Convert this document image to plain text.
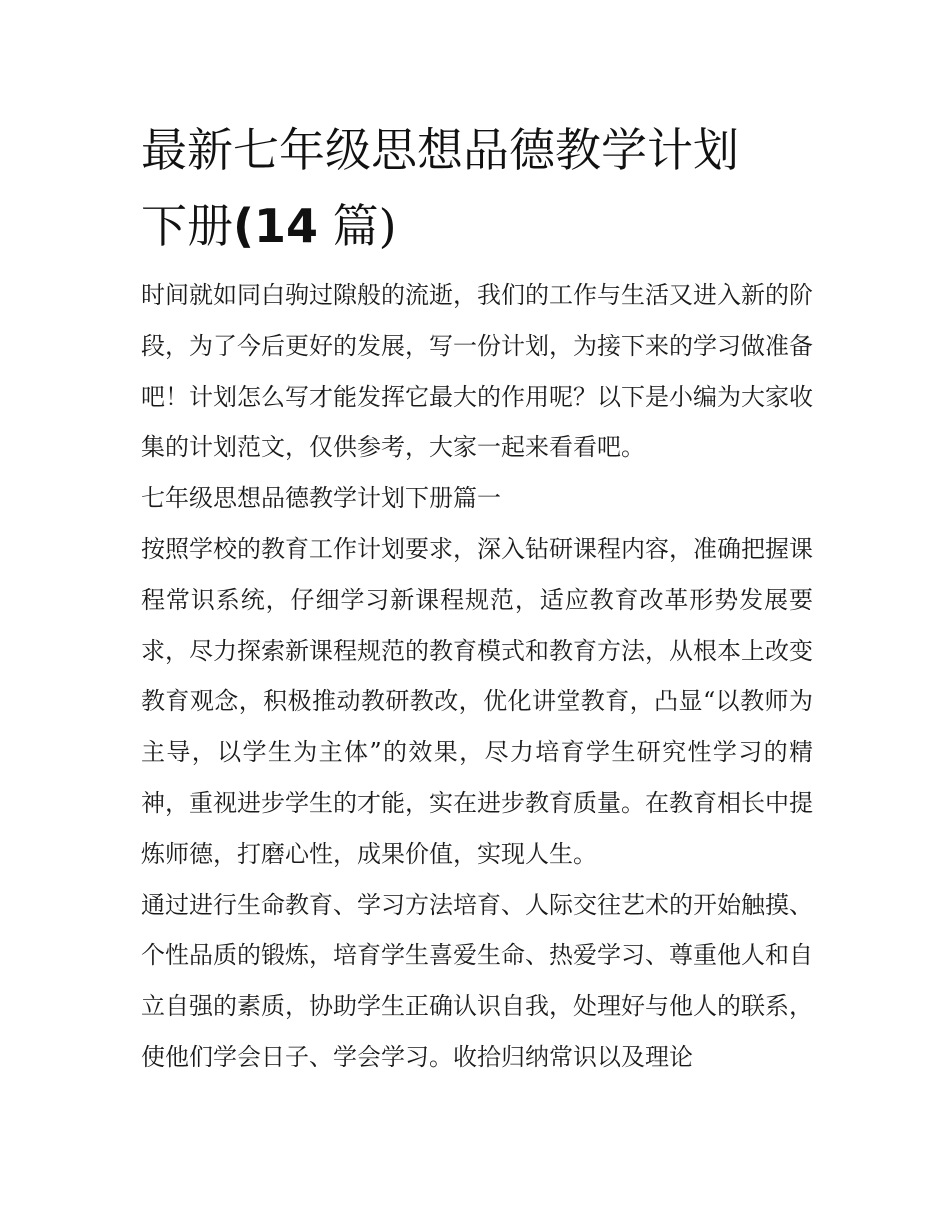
最新七年级思想品德教学计划
下册(14 篇)

时间就如同白驹过隙般的流逝，我们的工作与生活又进入新的阶段，为了今后更好的发展，写一份计划，为接下来的学习做准备吧！计划怎么写才能发挥它最大的作用呢？以下是小编为大家收集的计划范文，仅供参考，大家一起来看看吧。

七年级思想品德教学计划下册篇一

按照学校的教育工作计划要求，深入钻研课程内容，准确把握课程常识系统，仔细学习新课程规范，适应教育改革形势发展要求，尽力探索新课程规范的教育模式和教育方法，从根本上改变教育观念，积极推动教研教改，优化讲堂教育，凸显“以教师为主导，以学生为主体”的效果，尽力培育学生研究性学习的精神，重视进步学生的才能，实在进步教育质量。在教育相长中提炼师德，打磨心性，成果价值，实现人生。

通过进行生命教育、学习方法培育、人际交往艺术的开始触摸、个性品质的锻炼，培育学生喜爱生命、热爱学习、尊重他人和自立自强的素质，协助学生正确认识自我，处理好与他人的联系，使他们学会日子、学会学习。收拾归纳常识以及理论
